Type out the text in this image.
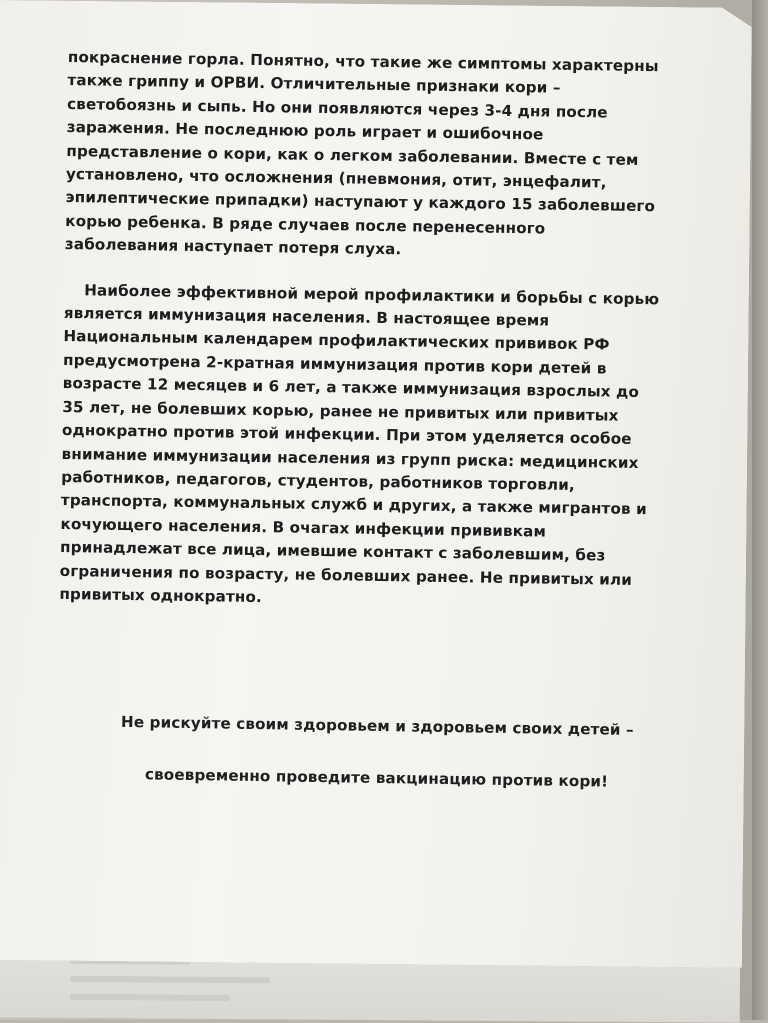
покраснение горла. Понятно, что такие же симптомы характерны
также гриппу и ОРВИ. Отличительные признаки кори –
светобоязнь и сыпь. Но они появляются через 3-4 дня после
заражения. Не последнюю роль играет и ошибочное
представление о кори, как о легком заболевании. Вместе с тем
установлено, что осложнения (пневмония, отит, энцефалит,
эпилептические припадки) наступают у каждого 15 заболевшего
корью ребенка. В ряде случаев после перенесенного
заболевания наступает потеря слуха.
Наиболее эффективной мерой профилактики и борьбы с корью
является иммунизация населения. В настоящее время
Национальным календарем профилактических прививок РФ
предусмотрена 2-кратная иммунизация против кори детей в
возрасте 12 месяцев и 6 лет, а также иммунизация взрослых до
35 лет, не болевших корью, ранее не привитых или привитых
однократно против этой инфекции. При этом уделяется особое
внимание иммунизации населения из групп риска: медицинских
работников, педагогов, студентов, работников торговли,
транспорта, коммунальных служб и других, а также мигрантов и
кочующего населения. В очагах инфекции прививкам
принадлежат все лица, имевшие контакт с заболевшим, без
ограничения по возрасту, не болевших ранее. Не привитых или
привитых однократно.
Не рискуйте своим здоровьем и здоровьем своих детей –
своевременно проведите вакцинацию против кори!
